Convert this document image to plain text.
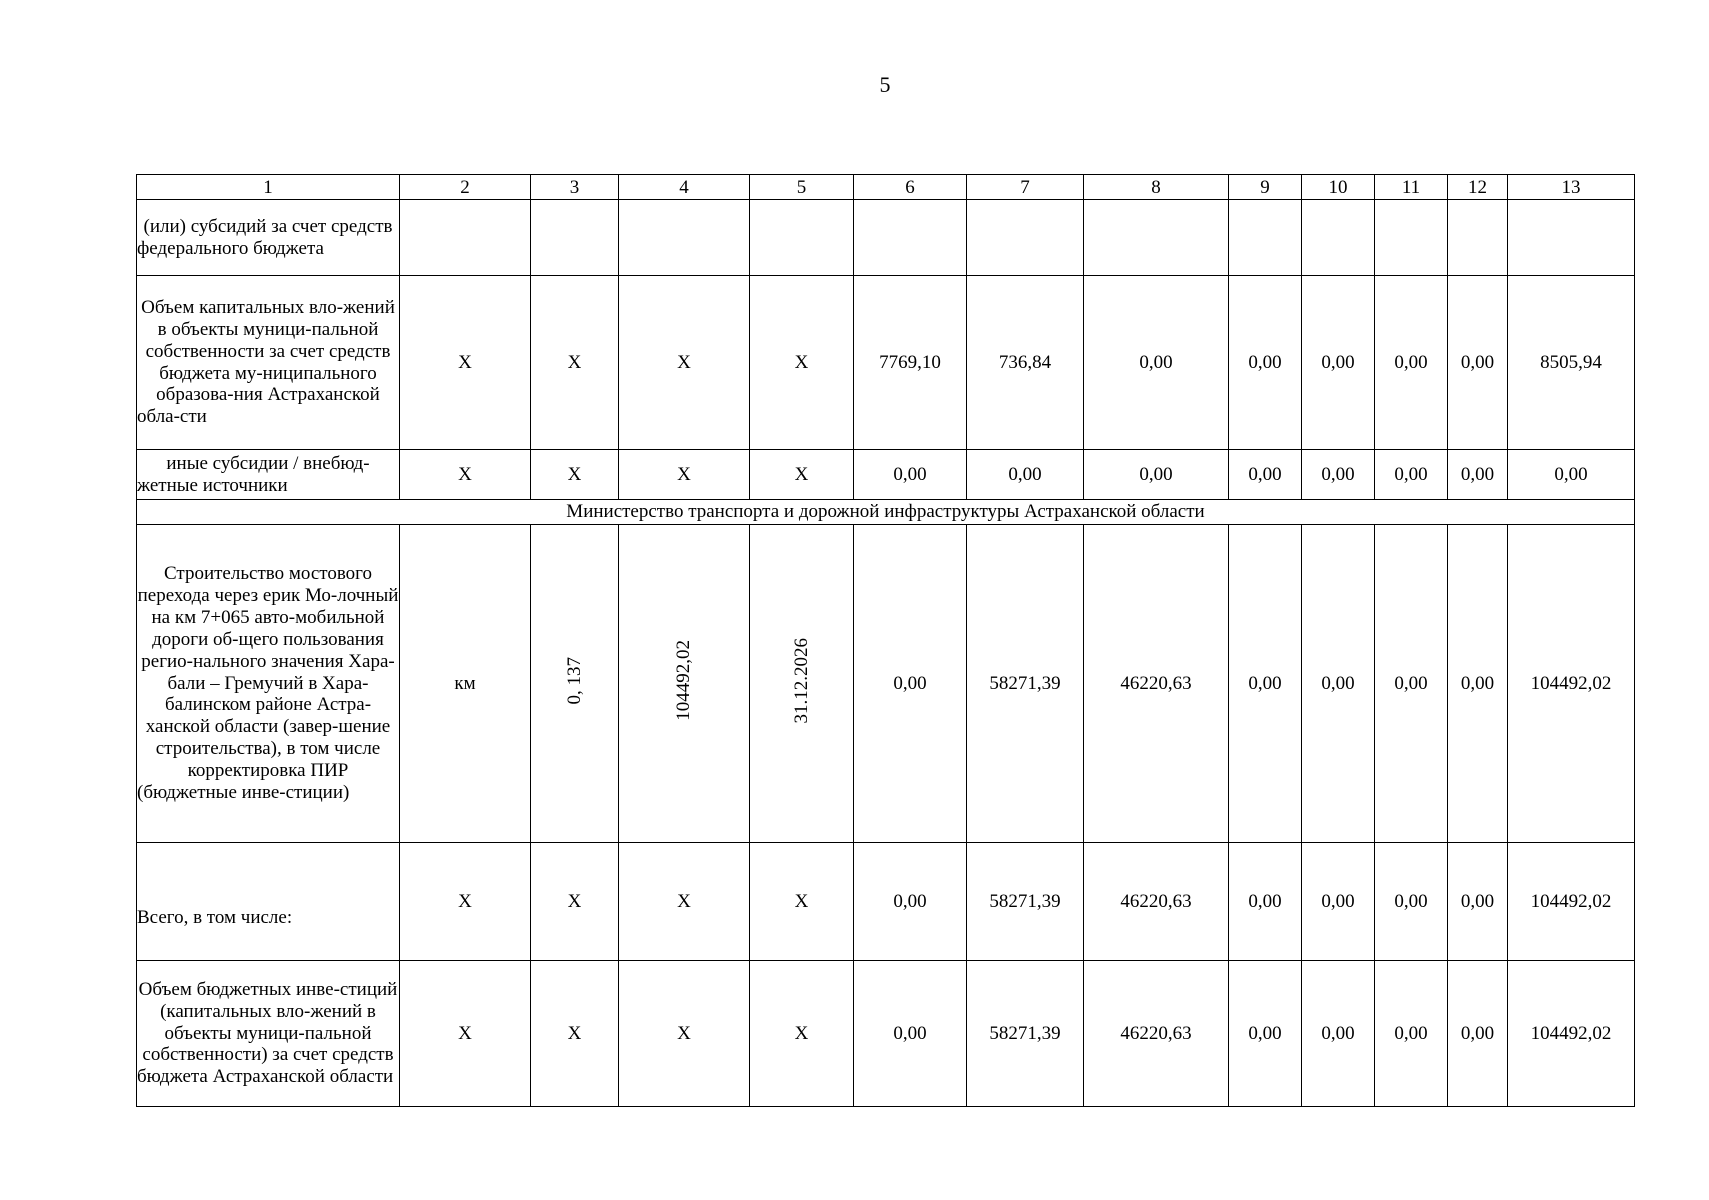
5
1	2	3	4	5	6	7	8	9	10	11	12	13
(или) субсидий за счет средств федерального бюджета												
Объем капитальных вло-жений в объекты муници-пальной собственности за счет средств бюджета му-ниципального образова-ния Астраханской обла-сти	X	X	X	X	7769,10	736,84	0,00	0,00	0,00	0,00	0,00	8505,94
иные субсидии / внебюд-жетные источники	X	X	X	X	0,00	0,00	0,00	0,00	0,00	0,00	0,00	0,00
Министерство транспорта и дорожной инфраструктуры Астраханской области												
Строительство мостового перехода через ерик Мо-лочный на км 7+065 авто-мобильной дороги об-щего пользования регио-нального значения Хара-бали – Гремучий в Хара-балинском районе Астра-ханской области (завер-шение строительства), в том числе корректировка ПИР (бюджетные инве-стиции)	км	0, 137	104492,02	31.12.2026	0,00	58271,39	46220,63	0,00	0,00	0,00	0,00	104492,02
Всего, в том числе:	X	X	X	X	0,00	58271,39	46220,63	0,00	0,00	0,00	0,00	104492,02
Объем бюджетных инве-стиций (капитальных вло-жений в объекты муници-пальной собственности) за счет средств бюджета Астраханской области	X	X	X	X	0,00	58271,39	46220,63	0,00	0,00	0,00	0,00	104492,02
